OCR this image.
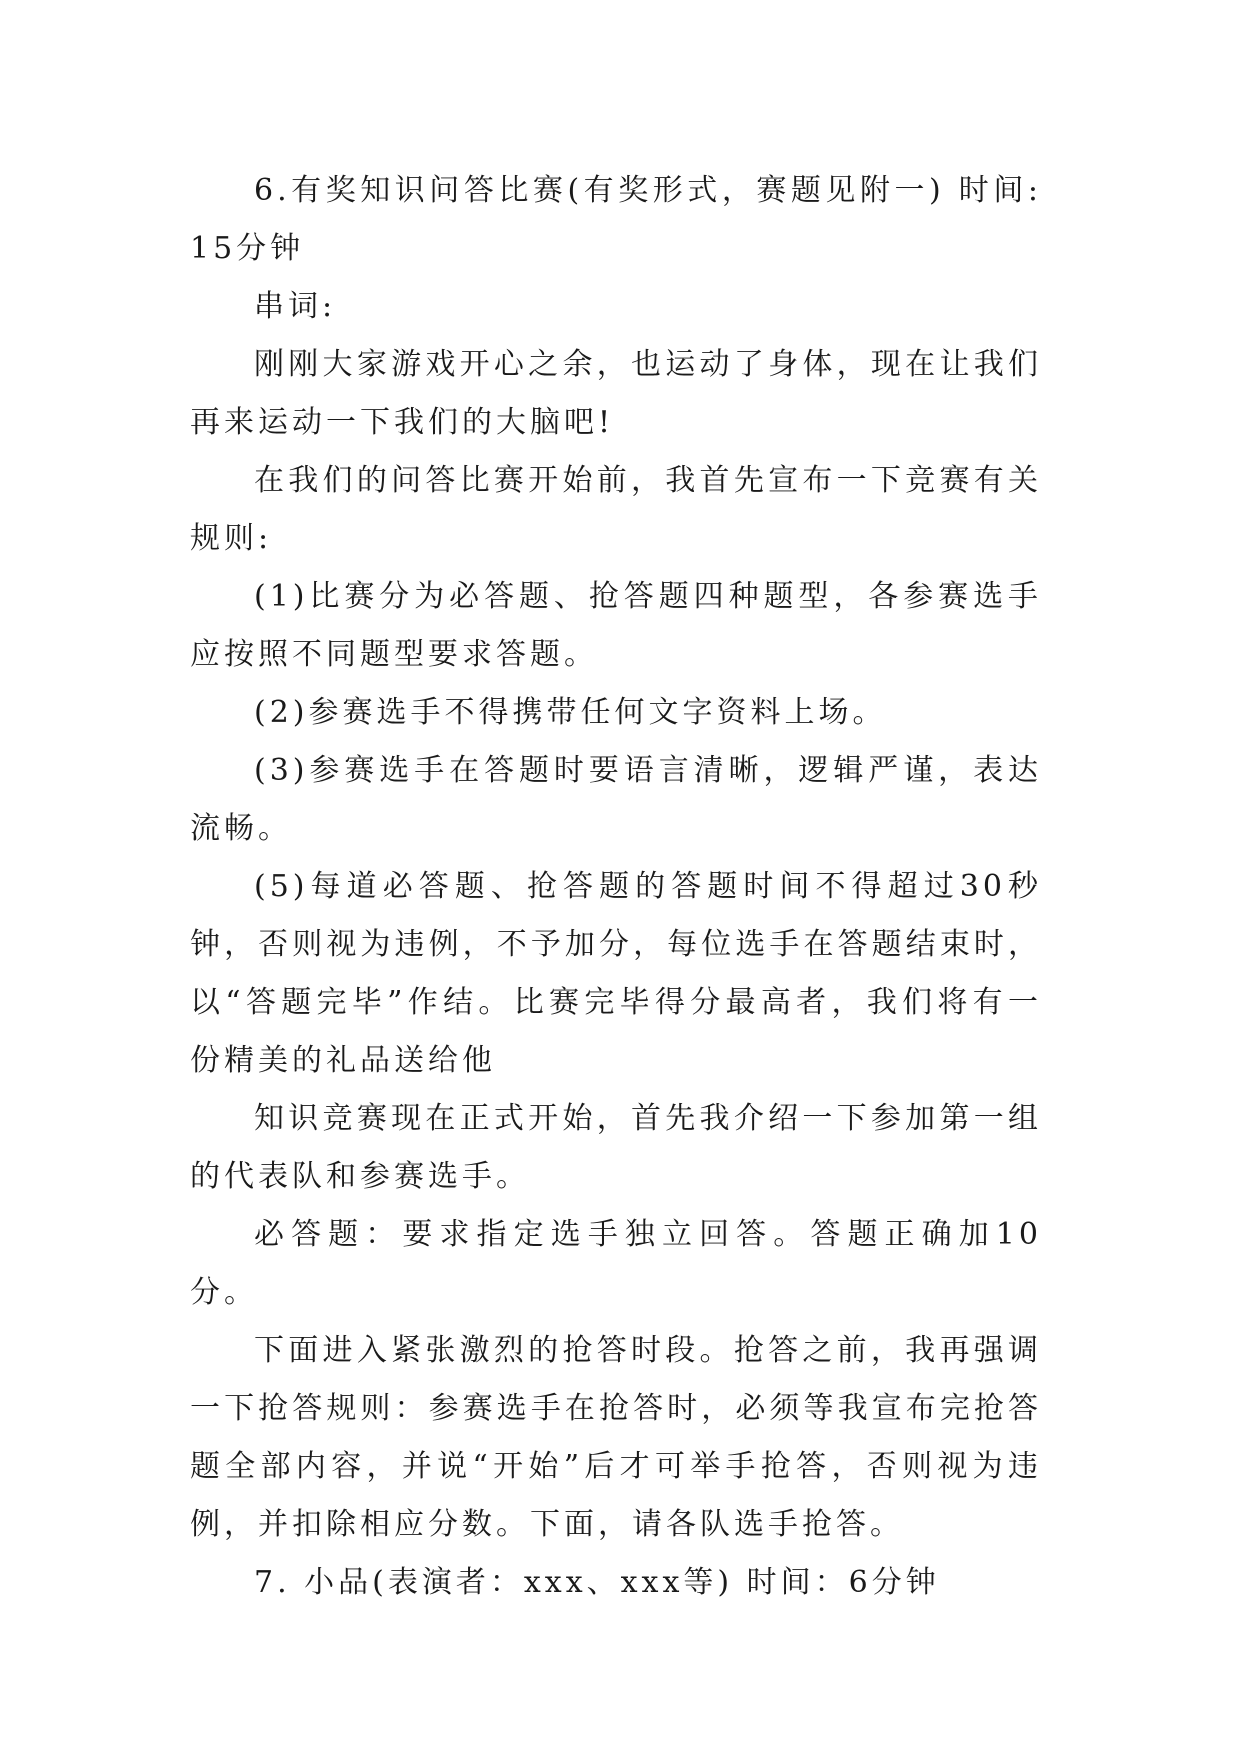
6.有奖知识问答比赛(有奖形式，赛题见附一) 时间:15分钟

串词:

刚刚大家游戏开心之余，也运动了身体，现在让我们再来运动一下我们的大脑吧!

在我们的问答比赛开始前，我首先宣布一下竞赛有关规则:

(1)比赛分为必答题、抢答题四种题型，各参赛选手应按照不同题型要求答题。

(2)参赛选手不得携带任何文字资料上场。

(3)参赛选手在答题时要语言清晰，逻辑严谨，表达流畅。

(5)每道必答题、抢答题的答题时间不得超过30秒钟，否则视为违例，不予加分，每位选手在答题结束时，以“答题完毕”作结。比赛完毕得分最高者，我们将有一份精美的礼品送给他

知识竞赛现在正式开始，首先我介绍一下参加第一组的代表队和参赛选手。

必答题：要求指定选手独立回答。答题正确加10分。

下面进入紧张激烈的抢答时段。抢答之前，我再强调一下抢答规则：参赛选手在抢答时，必须等我宣布完抢答题全部内容，并说“开始”后才可举手抢答，否则视为违例，并扣除相应分数。下面，请各队选手抢答。

7. 小品(表演者：xxx、xxx等) 时间：6分钟
